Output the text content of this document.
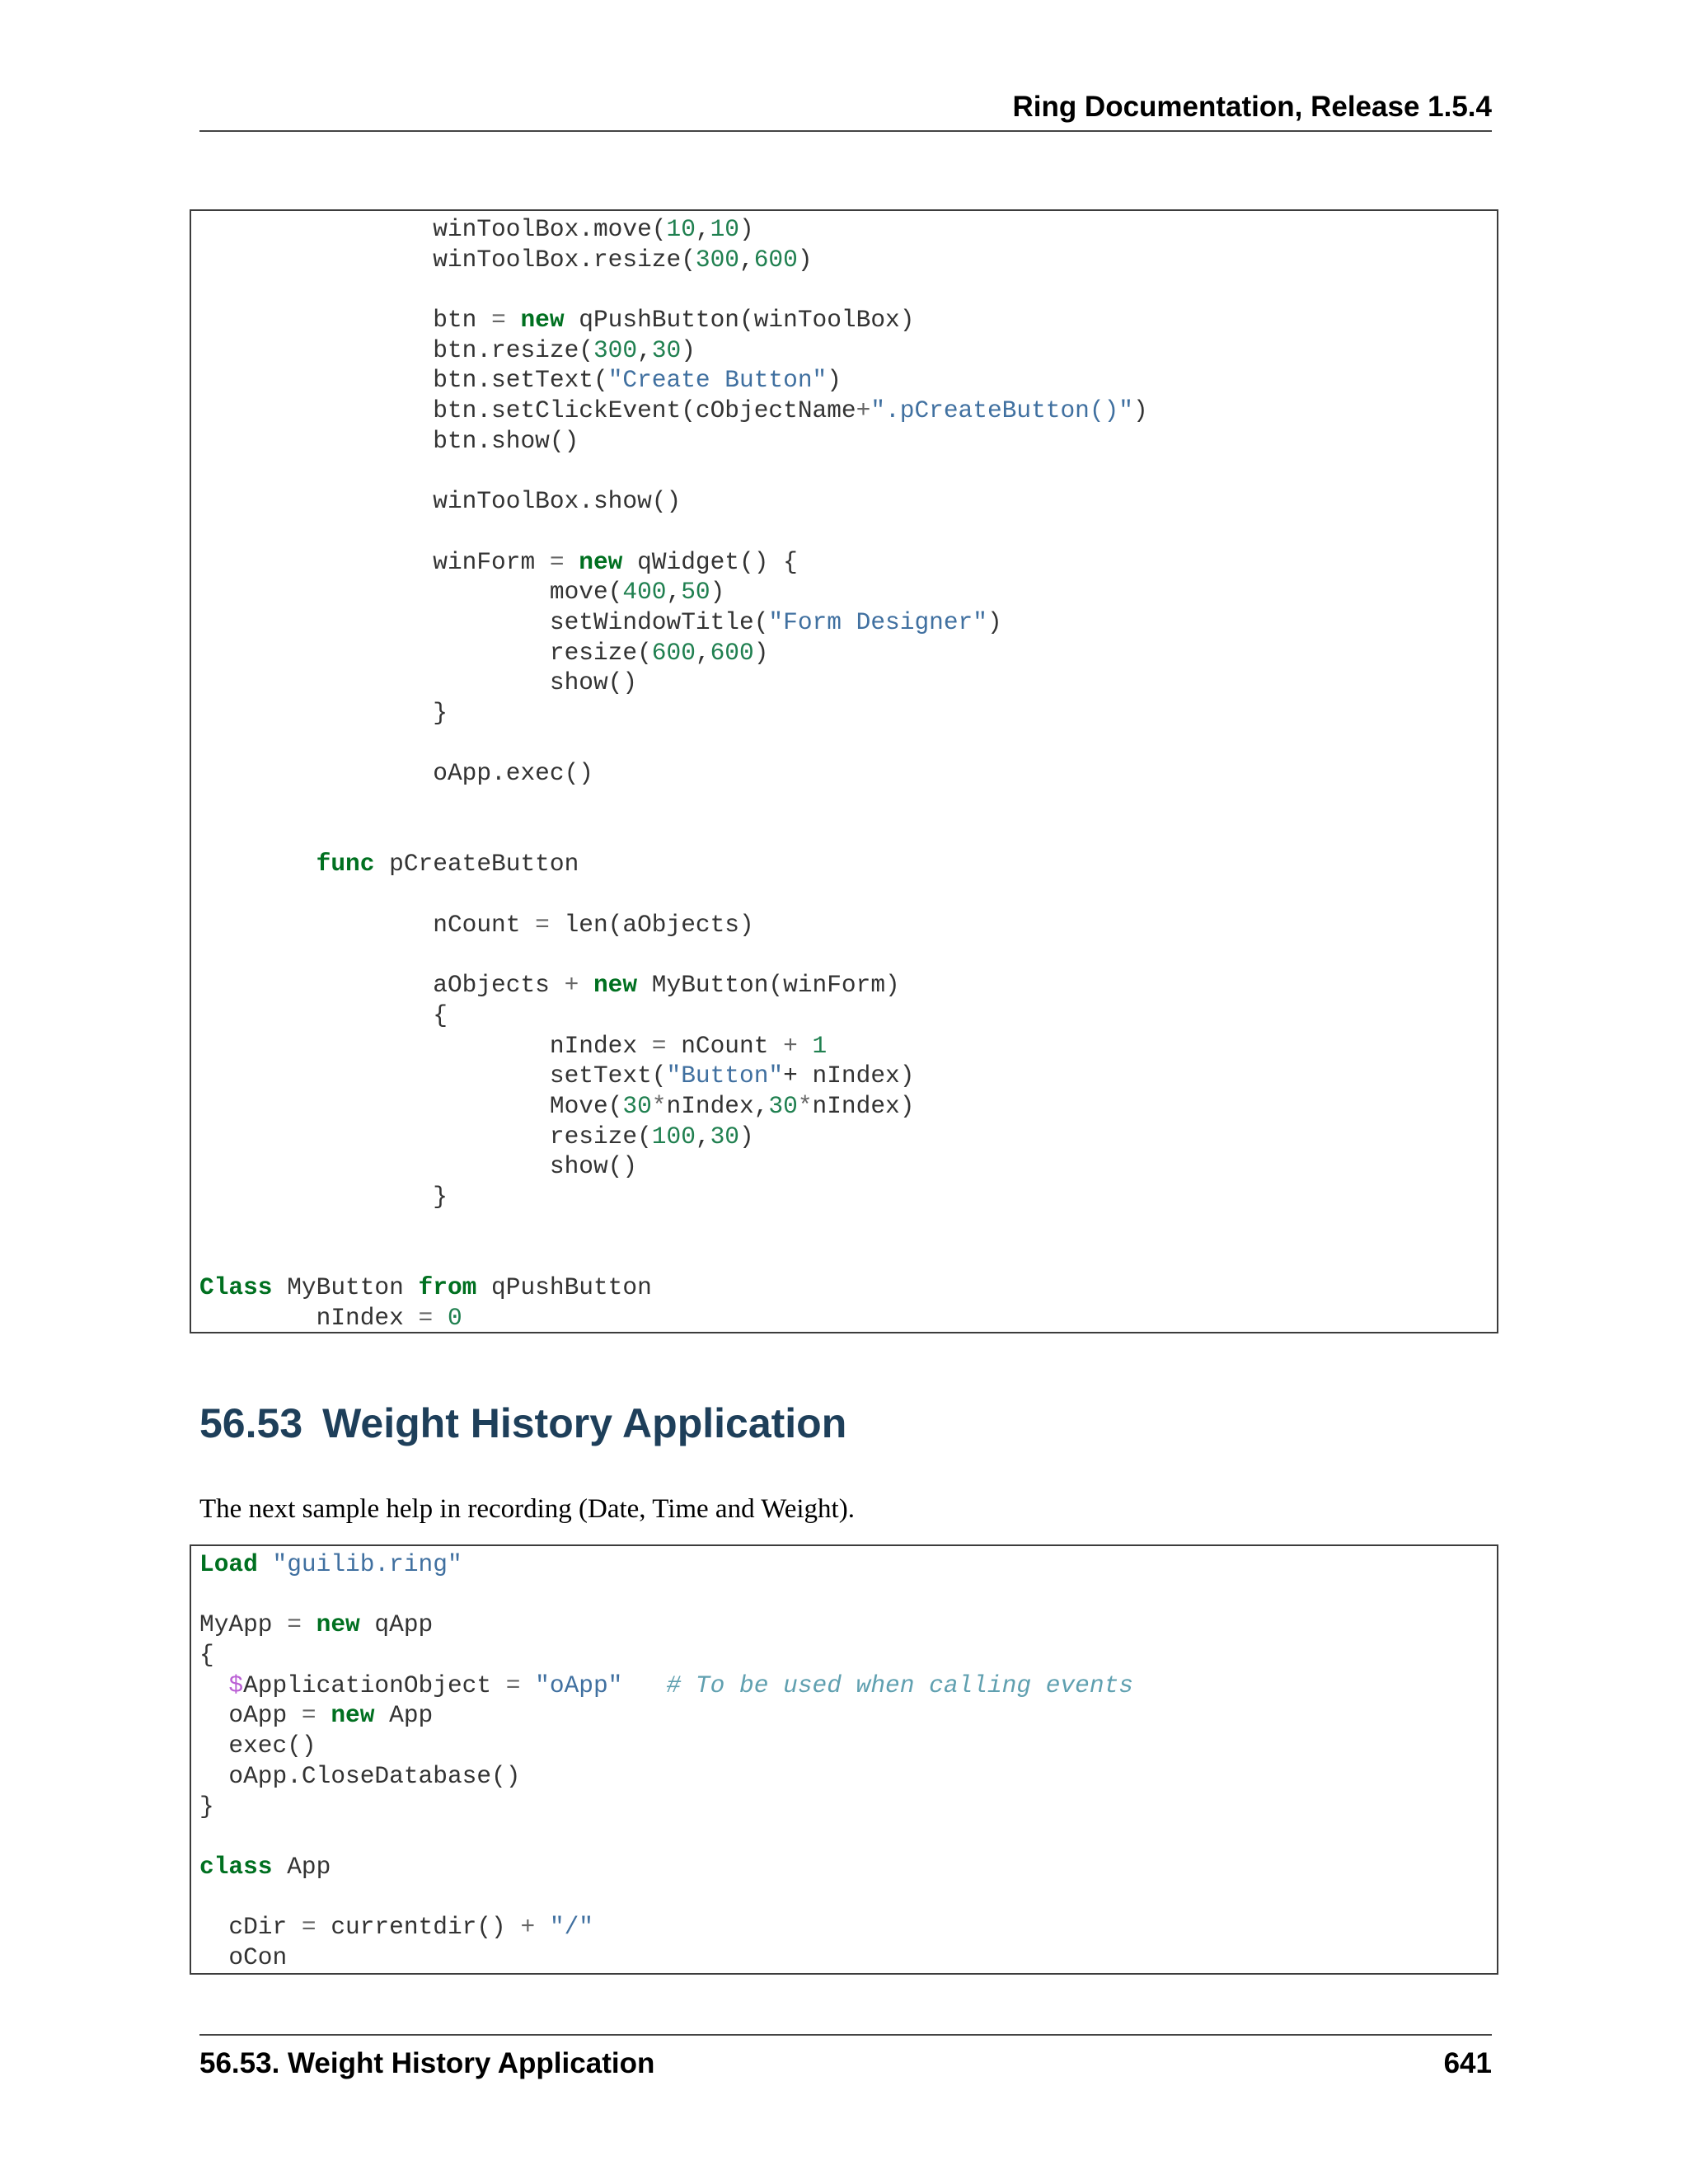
Ring Documentation, Release 1.5.4
winToolBox.move(10,10)
winToolBox.resize(300,600)
btn = new qPushButton(winToolBox)
btn.resize(300,30)
btn.setText("Create Button")
btn.setClickEvent(cObjectName+".pCreateButton()")
btn.show()
winToolBox.show()
winForm = new qWidget() {
move(400,50)
setWindowTitle("Form Designer")
resize(600,600)
show()
}
oApp.exec()
func pCreateButton
nCount = len(aObjects)
aObjects + new MyButton(winForm)
{
nIndex = nCount + 1
setText("Button"+ nIndex)
Move(30*nIndex,30*nIndex)
resize(100,30)
show()
}
Class MyButton from qPushButton
nIndex = 0
56.53 Weight History Application
The next sample help in recording (Date, Time and Weight).
Load "guilib.ring"
MyApp = new qApp
{
$ApplicationObject = "oApp" # To be used when calling events
oApp = new App
exec()
oApp.CloseDatabase()
}
class App
cDir = currentdir() + "/"
oCon
56.53. Weight History Application	641
